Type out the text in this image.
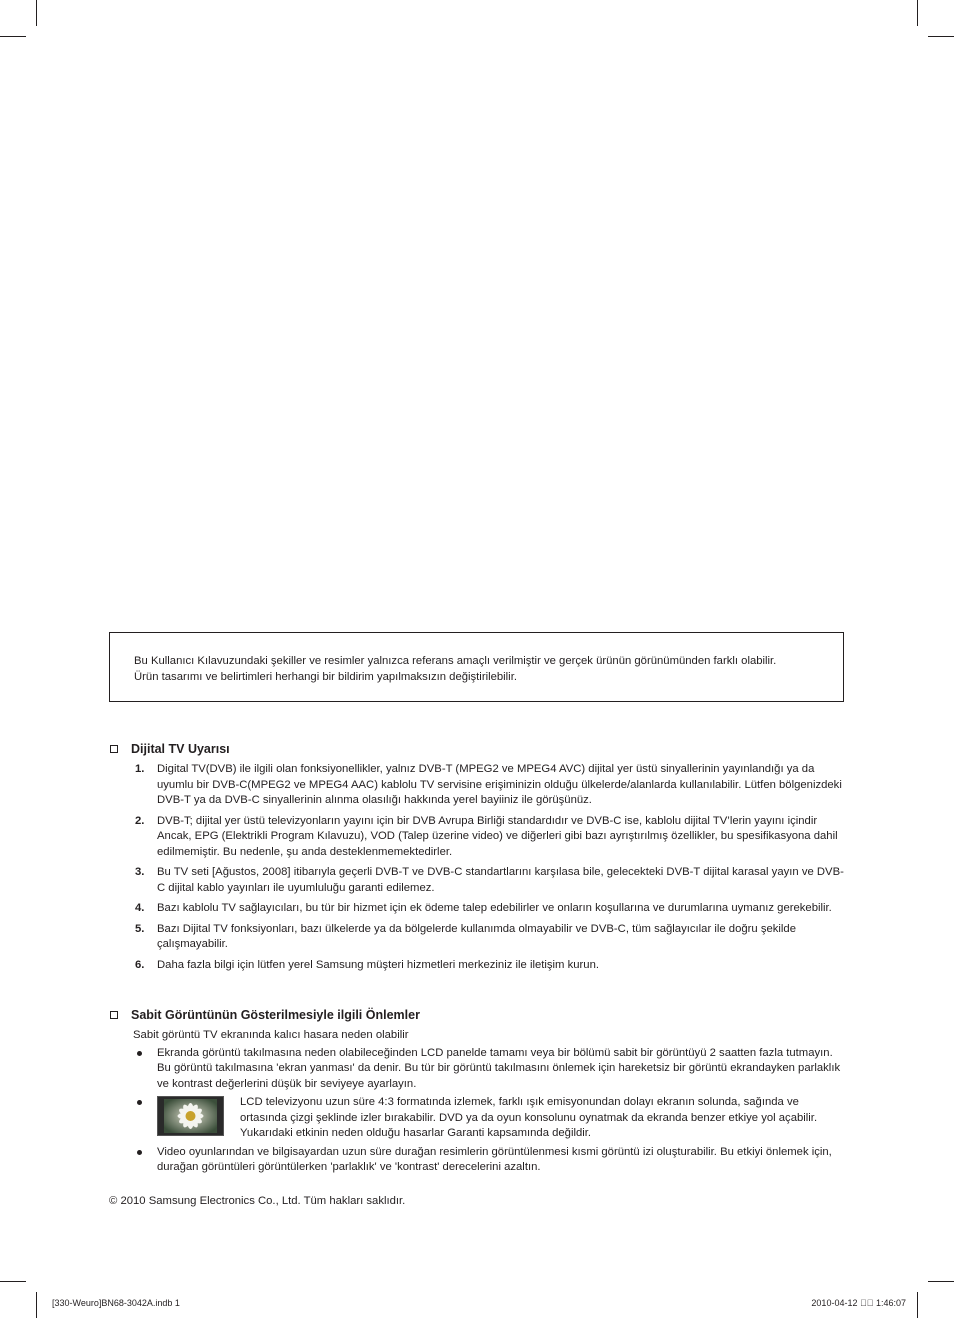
Bu Kullanıcı Kılavuzundaki şekiller ve resimler yalnızca referans amaçlı verilmiştir ve gerçek ürünün görünümünden farklı olabilir.
Ürün tasarımı ve belirtimleri herhangi bir bildirim yapılmaksızın değiştirilebilir.
Dijital TV Uyarısı
1. Digital TV(DVB) ile ilgili olan fonksiyonellikler, yalnız DVB-T (MPEG2 ve MPEG4 AVC) dijital yer üstü sinyallerinin yayınlandığı ya da uyumlu bir DVB-C(MPEG2 ve MPEG4 AAC) kablolu TV servisine erişiminizin olduğu ülkelerde/alanlarda kullanılabilir. Lütfen bölgenizdeki DVB-T ya da DVB-C sinyallerinin alınma olasılığı hakkında yerel bayiiniz ile görüşünüz.
2. DVB-T; dijital yer üstü televizyonların yayını için bir DVB Avrupa Birliği standardıdır ve DVB-C ise, kablolu dijital TV’lerin yayını içindir Ancak, EPG (Elektrikli Program Kılavuzu), VOD (Talep üzerine video) ve diğerleri gibi bazı ayrıştırılmış özellikler, bu spesifikasyona dahil edilmemiştir. Bu nedenle, şu anda desteklenmemektedirler.
3. Bu TV seti [Ağustos, 2008] itibarıyla geçerli DVB-T ve DVB-C standartlarını karşılasa bile, gelecekteki DVB-T dijital karasal yayın ve DVB-C dijital kablo yayınları ile uyumluluğu garanti edilemez.
4. Bazı kablolu TV sağlayıcıları, bu tür bir hizmet için ek ödeme talep edebilirler ve onların koşullarına ve durumlarına uymanız gerekebilir.
5. Bazı Dijital TV fonksiyonları, bazı ülkelerde ya da bölgelerde kullanımda olmayabilir ve DVB-C, tüm sağlayıcılar ile doğru şekilde çalışmayabilir.
6. Daha fazla bilgi için lütfen yerel Samsung müşteri hizmetleri merkeziniz ile iletişim kurun.
Sabit Görüntünün Gösterilmesiyle ilgili Önlemler
Sabit görüntü TV ekranında kalıcı hasara neden olabilir
Ekranda görüntü takılmasına neden olabileceğinden LCD panelde tamamı veya bir bölümü sabit bir görüntüyü 2 saatten fazla tutmayın. Bu görüntü takılmasına 'ekran yanması' da denir. Bu tür bir görüntü takılmasını önlemek için hareketsiz bir görüntü ekrandayken parlaklık ve kontrast değerlerini düşük bir seviyeye ayarlayın.
LCD televizyonu uzun süre 4:3 formatında izlemek, farklı ışık emisyonundan dolayı ekranın solunda, sağında ve ortasında çizgi şeklinde izler bırakabilir. DVD ya da oyun konsolunu oynatmak da ekranda benzer etkiye yol açabilir. Yukarıdaki etkinin neden olduğu hasarlar Garanti kapsamında değildir.
Video oyunlarından ve bilgisayardan uzun süre durağan resimlerin görüntülenmesi kısmi görüntü izi oluşturabilir. Bu etkiyi önlemek için, durağan görüntüleri görüntülerken 'parlaklık' ve 'kontrast' derecelerini azaltın.
© 2010 Samsung Electronics Co., Ltd. Tüm hakları saklıdır.
[330-Weuro]BN68-3042A.indb 1	2010-04-12 ￿￿ 1:46:07
